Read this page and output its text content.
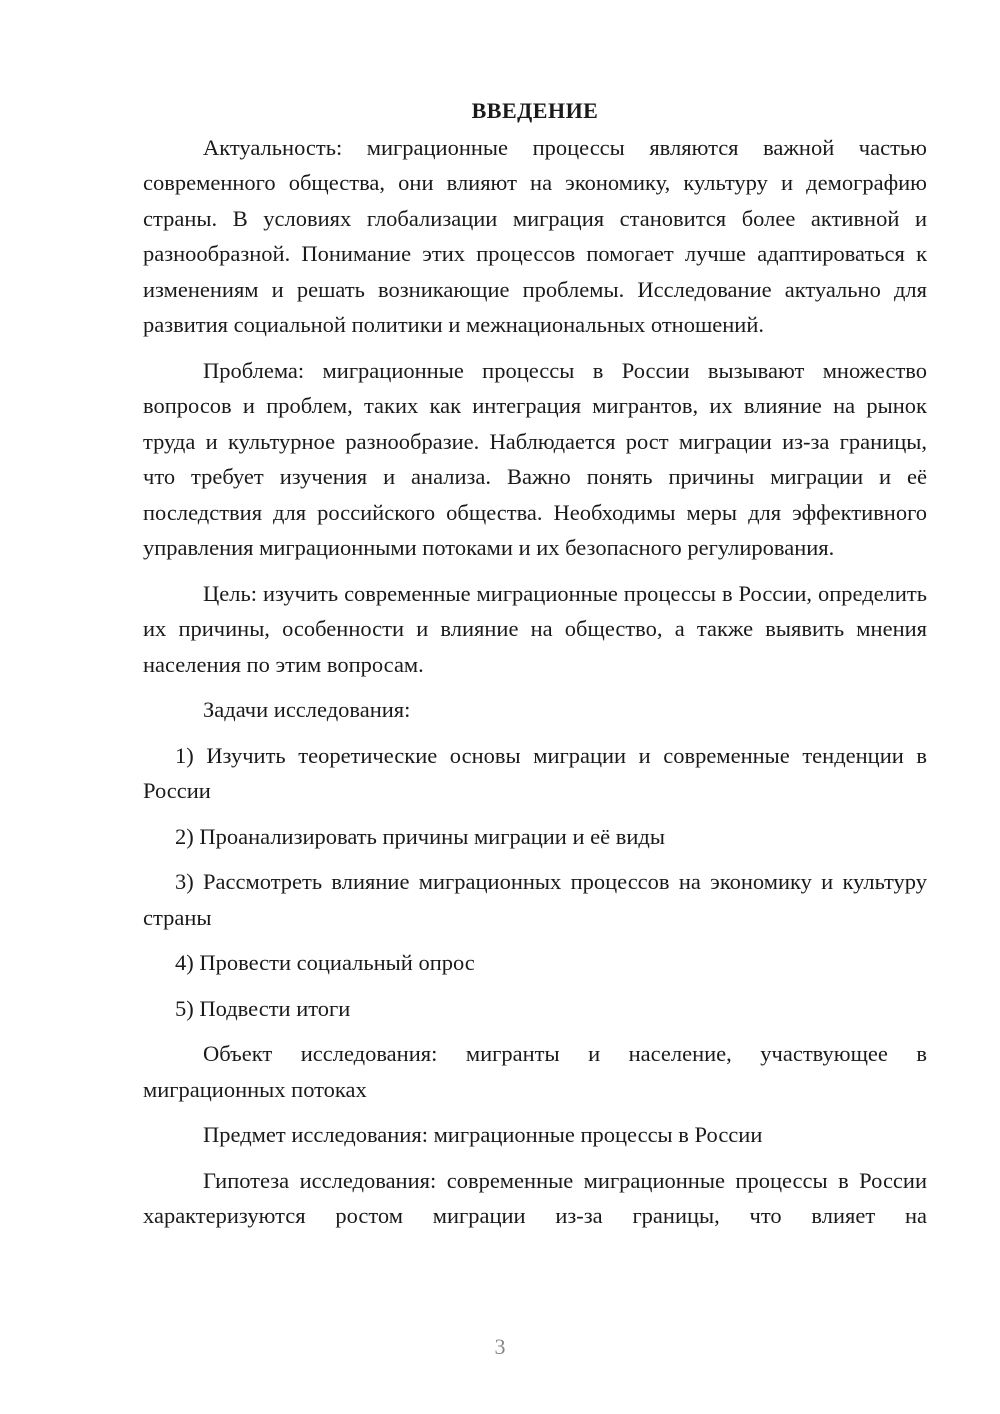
ВВЕДЕНИЕ

Актуальность: миграционные процессы являются важной частью современного общества, они влияют на экономику, культуру и демографию страны. В условиях глобализации миграция становится более активной и разнообразной. Понимание этих процессов помогает лучше адаптироваться к изменениям и решать возникающие проблемы. Исследование актуально для развития социальной политики и межнациональных отношений.

Проблема: миграционные процессы в России вызывают множество вопросов и проблем, таких как интеграция мигрантов, их влияние на рынок труда и культурное разнообразие. Наблюдается рост миграции из-за границы, что требует изучения и анализа. Важно понять причины миграции и её последствия для российского общества. Необходимы меры для эффективного управления миграционными потоками и их безопасного регулирования.

Цель: изучить современные миграционные процессы в России, определить их причины, особенности и влияние на общество, а также выявить мнения населения по этим вопросам.

Задачи исследования:

1) Изучить теоретические основы миграции и современные тенденции в России

2) Проанализировать причины миграции и её виды

3) Рассмотреть влияние миграционных процессов на экономику и культуру страны

4) Провести социальный опрос

5) Подвести итоги

Объект исследования: мигранты и население, участвующее в миграционных потоках

Предмет исследования: миграционные процессы в России

Гипотеза исследования: современные миграционные процессы в России характеризуются ростом миграции из-за границы, что влияет на

3
